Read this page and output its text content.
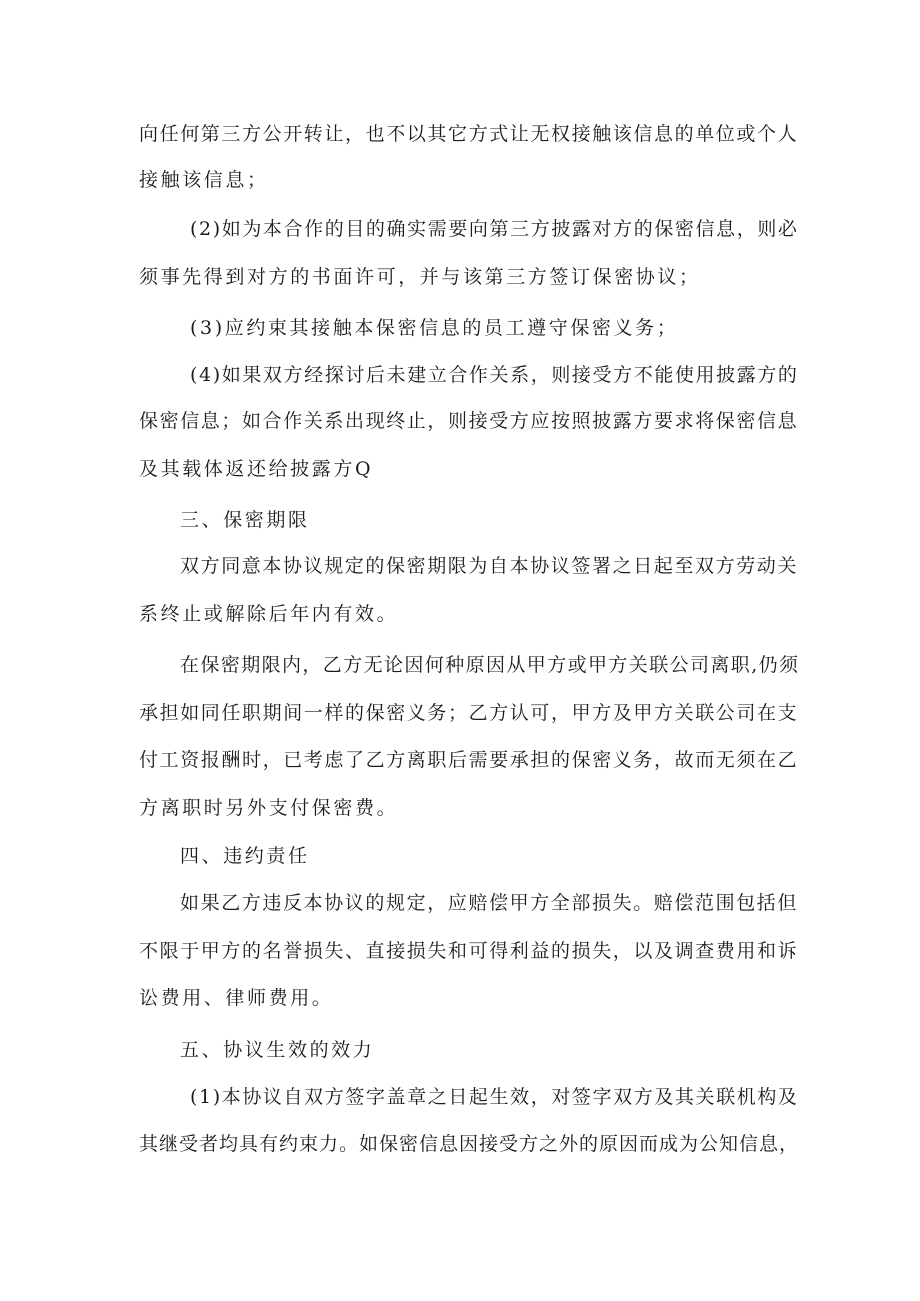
向任何第三方公开转让，也不以其它方式让无权接触该信息的单位或个人
接触该信息；
(2)如为本合作的目的确实需要向第三方披露对方的保密信息，则必
须事先得到对方的书面许可，并与该第三方签订保密协议；
(3)应约束其接触本保密信息的员工遵守保密义务；
(4)如果双方经探讨后未建立合作关系，则接受方不能使用披露方的
保密信息；如合作关系出现终止，则接受方应按照披露方要求将保密信息
及其载体返还给披露方Q
三、保密期限
双方同意本协议规定的保密期限为自本协议签署之日起至双方劳动关
系终止或解除后年内有效。
在保密期限内，乙方无论因何种原因从甲方或甲方关联公司离职,仍须
承担如同任职期间一样的保密义务；乙方认可，甲方及甲方关联公司在支
付工资报酬时，已考虑了乙方离职后需要承担的保密义务，故而无须在乙
方离职时另外支付保密费。
四、违约责任
如果乙方违反本协议的规定，应赔偿甲方全部损失。赔偿范围包括但
不限于甲方的名誉损失、直接损失和可得利益的损失，以及调查费用和诉
讼费用、律师费用。
五、协议生效的效力
(1)本协议自双方签字盖章之日起生效，对签字双方及其关联机构及
其继受者均具有约束力。如保密信息因接受方之外的原因而成为公知信息，
